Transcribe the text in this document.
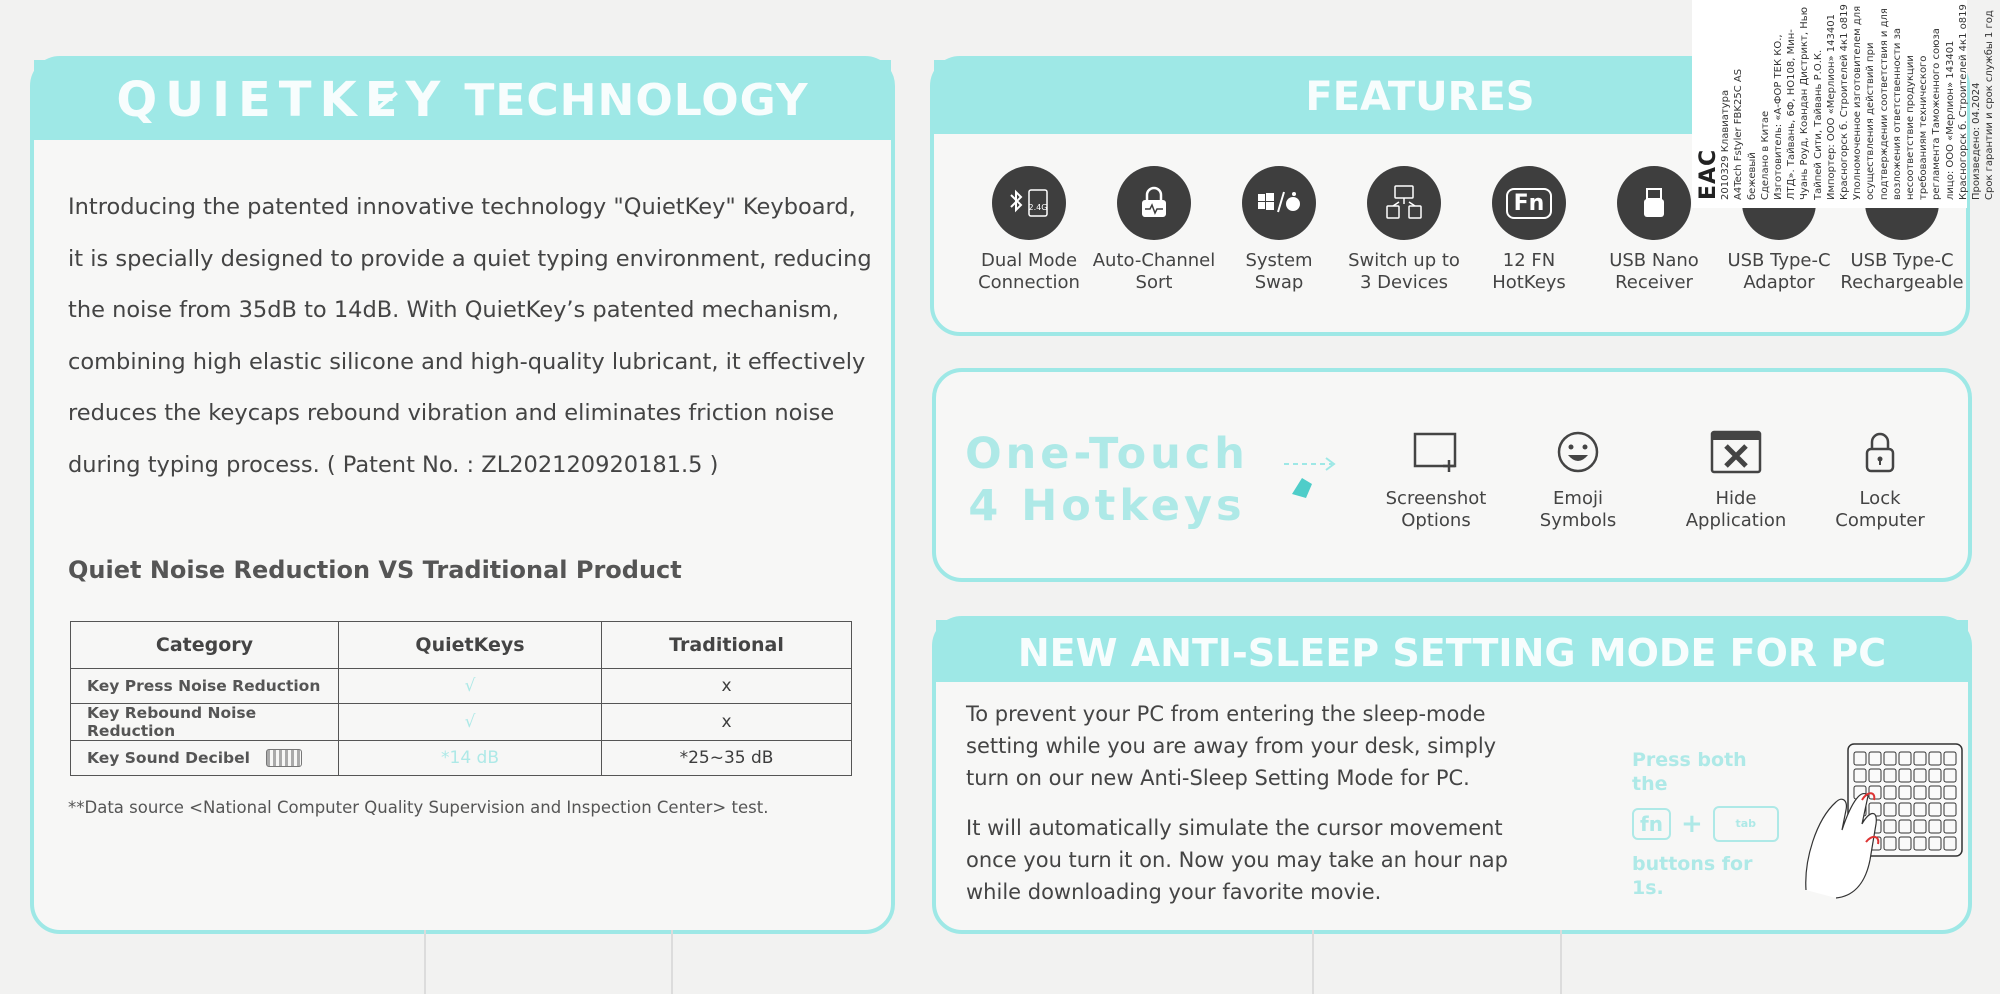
QUIETKEY TECHNOLOGY

Introducing the patented innovative technology "QuietKey" Keyboard,

it is specially designed to provide a quiet typing environment, reducing

the noise from 35dB to 14dB. With QuietKey’s patented mechanism,

combining high elastic silicone and high-quality lubricant, it effectively

reduces the keycaps rebound vibration and eliminates friction noise

during typing process. ( Patent No. : ZL202120920181.5 )

Quiet Noise Reduction VS Traditional Product
Category	QuietKeys	Traditional
Key Press Noise Reduction	√	x
Key Rebound Noise Reduction	√	x
Key Sound Decibel	*14 dB	*25~35 dB
**Data source <National Computer Quality Supervision and Inspection Center> test.
FEATURES
2.4G
Dual Mode
Connection
Auto-Channel
Sort
System
Swap
Switch up to
3 Devices
Fn
12 FN
HotKeys
USB Nano
Receiver
USB Type-C
Adaptor
USB Type-C
Rechargeable
EAC 2010329 Клавиатура A4Tech Fstyler FBK25С AS бежевый Сделано в Китае Изготовитель: «А-ФОР ТЕК КО., ЛТД». Тайвань, 6Ф, НО108, Мин- Чуань Роуд, Коандан Дистрикт, Нью Тайпей Сити, Тайвань Р.О.К. Импортер: ООО «Мерлион» 143401 Красногорск б. Строителей 4к1 о819 Уполномоченное изготовителем для осуществления действий при подтверждении соответствия и для возложения ответственности за несоответствие продукции требованиям технического регламента Таможенного союза лицо: ООО «Мерлион» 143401 Красногорск б. Строителей 4к1 о819 Произведено: 04.2024 Срок гарантии и срок службы 1 год
One-Touch
4 Hotkeys	Screenshot
Options
Emoji
Symbols
Hide
Application
Lock
Computer
NEW ANTI-SLEEP SETTING MODE FOR PC

To prevent your PC from entering the sleep-mode
setting while you are away from your desk, simply
turn on our new Anti-Sleep Setting Mode for PC.

It will automatically simulate the cursor movement
once you turn it on. Now you may take an hour nap
while downloading your favorite movie.

Press both the
fn +	tab
buttons for 1s.
